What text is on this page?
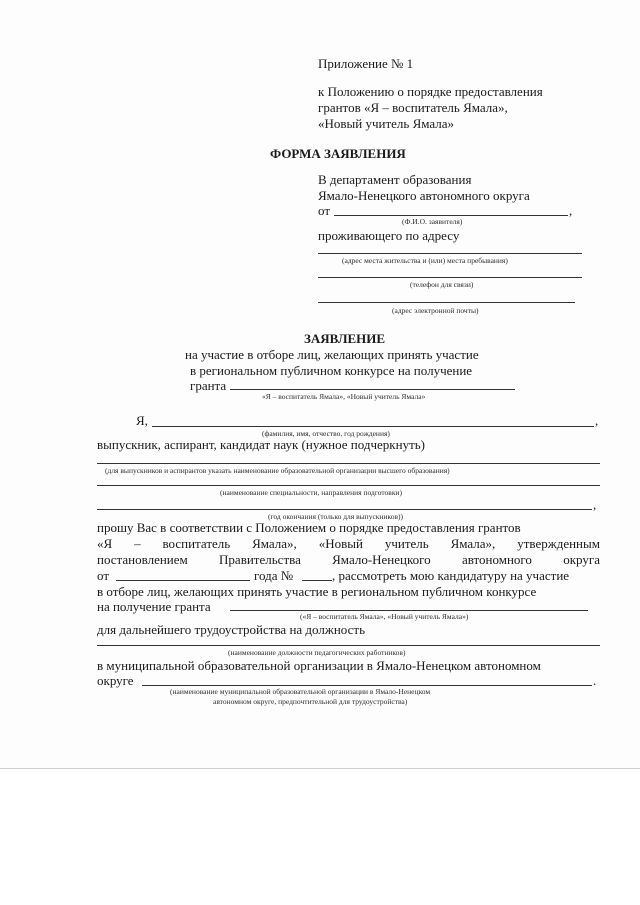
Приложение № 1
к Положению о порядке предоставления
грантов «Я – воспитатель Ямала»,
«Новый учитель Ямала»
ФОРМА ЗАЯВЛЕНИЯ
В департамент образования
Ямало-Ненецкого автономного округа
от	,
(Ф.И.О. заявителя)
проживающего по адресу
(адрес места жительства и (или) места пребывания)
(телефон для связи)
(адрес электронной почты)
ЗАЯВЛЕНИЕ
на участие в отборе лиц, желающих принять участие
в региональном публичном конкурсе на получение
гранта
«Я – воспитатель Ямала», «Новый учитель Ямала»
Я,	,
(фамилия, имя, отчество, год рождения)
выпускник, аспирант, кандидат наук (нужное подчеркнуть)
(для выпускников и аспирантов указать наименование образовательной организации высшего образования)
(наименование специальности, направления подготовки)
,
(год окончания (только для выпускников))
прошу Вас в соответствии с Положением о порядке предоставления грантов
«Я – воспитатель Ямала», «Новый учитель Ямала», утвержденным
постановлением Правительства Ямало-Ненецкого автономного округа
от	года №	, рассмотреть мою кандидатуру на участие
в отборе лиц, желающих принять участие в региональном публичном конкурсе
на получение гранта
(«Я – воспитатель Ямала», «Новый учитель Ямала»)
для дальнейшего трудоустройства на должность
(наименование должности педагогических работников)
в муниципальной образовательной организации в Ямало-Ненецком автономном
округе	.
(наименование муниципальной образовательной организации в Ямало-Ненецком
автономном округе, предпочтительной для трудоустройства)
